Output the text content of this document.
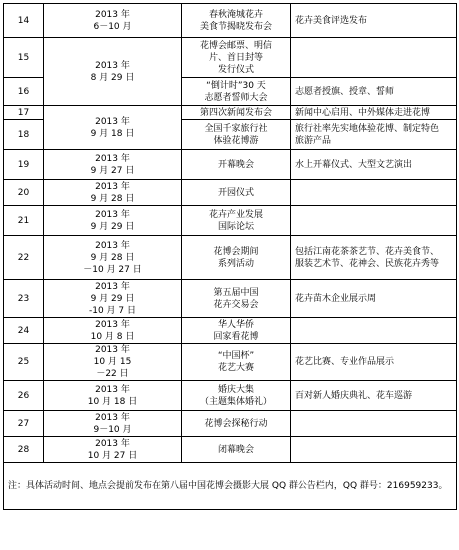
14	2013 年
6－10 月	春秋淹城花卉
美食节揭晓发布会	花卉美食评选发布

15	2013 年
8 月 29 日	花博会邮票、明信
片、首日封等
发行仪式	

16		“倒计时”30 天
志愿者誓师大会	志愿者授旗、授章、誓师

17	2013 年
9 月 18 日	第四次新闻发布会	新闻中心启用、中外媒体走进花博

18		全国千家旅行社
体验花博游	旅行社率先实地体验花博、制定特色
旅游产品

19	2013 年
9 月 27 日	开幕晚会	水上开幕仪式、大型文艺演出

20	2013 年
9 月 28 日	开园仪式	

21	2013 年
9 月 29 日	花卉产业发展
国际论坛	

22	2013 年
9 月 28 日
－10 月 27 日	花博会期间
系列活动	包括江南花茶茶艺节、花卉美食节、
服装艺术节、花神会、民族花卉秀等

23	2013 年
9 月 29 日
-10 月 7 日	第五届中国
花卉交易会	花卉苗木企业展示周

24	2013 年
10 月 8 日	华人华侨
回家看花博	

25	2013 年
10 月 15
－22 日	“中国杯”
花艺大赛	花艺比赛、专业作品展示

26	2013 年
10 月 18 日	婚庆大集
（主题集体婚礼）	百对新人婚庆典礼、花车巡游

27	2013 年
9－10 月	花博会探秘行动	

28	2013 年
10 月 27 日	闭幕晚会	

注：具体活动时间、地点会提前发布在第八届中国花博会摄影大展 QQ 群公告栏内，QQ 群号：216959233。			
